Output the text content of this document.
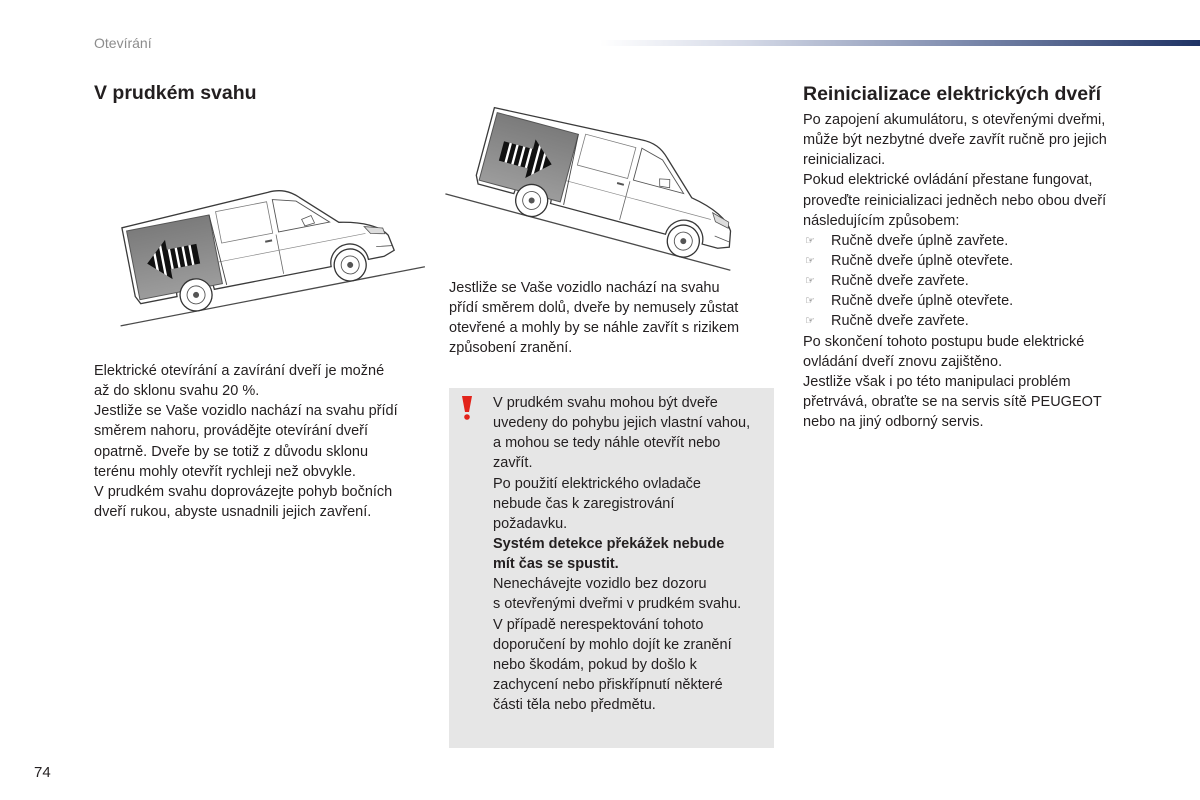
Otevírání
V prudkém svahu
Elektrické otevírání a zavírání dveří je možné
až do sklonu svahu 20 %.
Jestliže se Vaše vozidlo nachází na svahu přídí
směrem nahoru, provádějte otevírání dveří
opatrně. Dveře by se totiž z důvodu sklonu
terénu mohly otevřít rychleji než obvykle.
V prudkém svahu doprovázejte pohyb bočních
dveří rukou, abyste usnadnili jejich zavření.
Jestliže se Vaše vozidlo nachází na svahu
přídí směrem dolů, dveře by nemusely zůstat
otevřené a mohly by se náhle zavřít s rizikem
způsobení zranění.
V prudkém svahu mohou být dveře
uvedeny do pohybu jejich vlastní vahou,
a mohou se tedy náhle otevřít nebo
zavřít.
Po použití elektrického ovladače
nebude čas k zaregistrování
požadavku.
Systém detekce překážek nebude
mít čas se spustit.
Nenechávejte vozidlo bez dozoru
s otevřenými dveřmi v prudkém svahu.
V případě nerespektování tohoto
doporučení by mohlo dojít ke zranění
nebo škodám, pokud by došlo k
zachycení nebo přiskřípnutí některé
části těla nebo předmětu.
Reinicializace elektrických dveří
Po zapojení akumulátoru, s otevřenými dveřmi,
může být nezbytné dveře zavřít ručně pro jejich
reinicializaci.
Pokud elektrické ovládání přestane fungovat,
proveďte reinicializaci jedněch nebo obou dveří
následujícím způsobem:
☞
Ručně dveře úplně zavřete.
☞
Ručně dveře úplně otevřete.
☞
Ručně dveře zavřete.
☞
Ručně dveře úplně otevřete.
☞
Ručně dveře zavřete.
Po skončení tohoto postupu bude elektrické
ovládání dveří znovu zajištěno.
Jestliže však i po této manipulaci problém
přetrvává, obraťte se na servis sítě PEUGEOT
nebo na jiný odborný servis.
74
